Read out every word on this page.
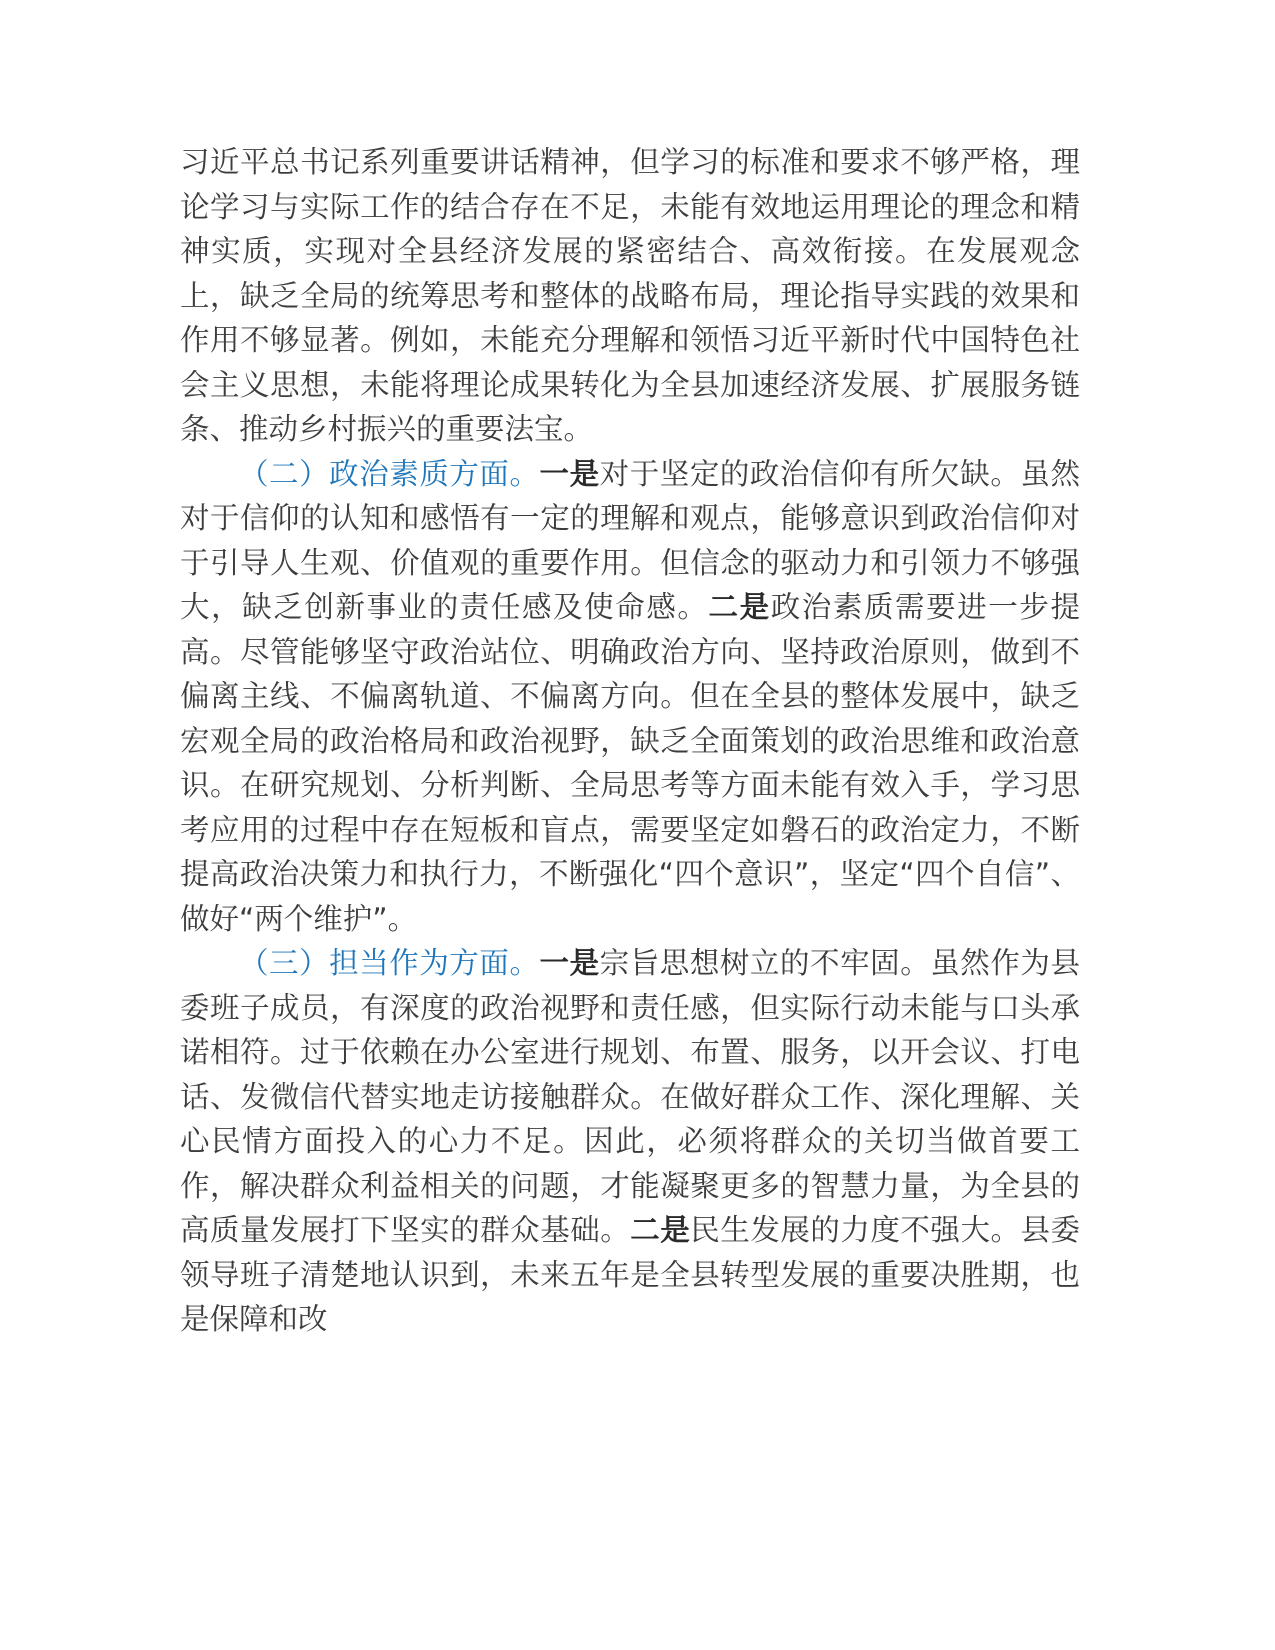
习近平总书记系列重要讲话精神，但学习的标准和要求不够严格，理论学习与实际工作的结合存在不足，未能有效地运用理论的理念和精神实质，实现对全县经济发展的紧密结合、高效衔接。在发展观念上，缺乏全局的统筹思考和整体的战略布局，理论指导实践的效果和作用不够显著。例如，未能充分理解和领悟习近平新时代中国特色社会主义思想，未能将理论成果转化为全县加速经济发展、扩展服务链条、推动乡村振兴的重要法宝。

（二）政治素质方面。一是对于坚定的政治信仰有所欠缺。虽然对于信仰的认知和感悟有一定的理解和观点，能够意识到政治信仰对于引导人生观、价值观的重要作用。但信念的驱动力和引领力不够强大，缺乏创新事业的责任感及使命感。二是政治素质需要进一步提高。尽管能够坚守政治站位、明确政治方向、坚持政治原则，做到不偏离主线、不偏离轨道、不偏离方向。但在全县的整体发展中，缺乏宏观全局的政治格局和政治视野，缺乏全面策划的政治思维和政治意识。在研究规划、分析判断、全局思考等方面未能有效入手，学习思考应用的过程中存在短板和盲点，需要坚定如磐石的政治定力，不断提高政治决策力和执行力，不断强化“四个意识”，坚定“四个自信”、做好“两个维护”。

（三）担当作为方面。一是宗旨思想树立的不牢固。虽然作为县委班子成员，有深度的政治视野和责任感，但实际行动未能与口头承诺相符。过于依赖在办公室进行规划、布置、服务，以开会议、打电话、发微信代替实地走访接触群众。在做好群众工作、深化理解、关心民情方面投入的心力不足。因此，必须将群众的关切当做首要工作，解决群众利益相关的问题，才能凝聚更多的智慧力量，为全县的高质量发展打下坚实的群众基础。二是民生发展的力度不强大。县委领导班子清楚地认识到，未来五年是全县转型发展的重要决胜期，也是保障和改
